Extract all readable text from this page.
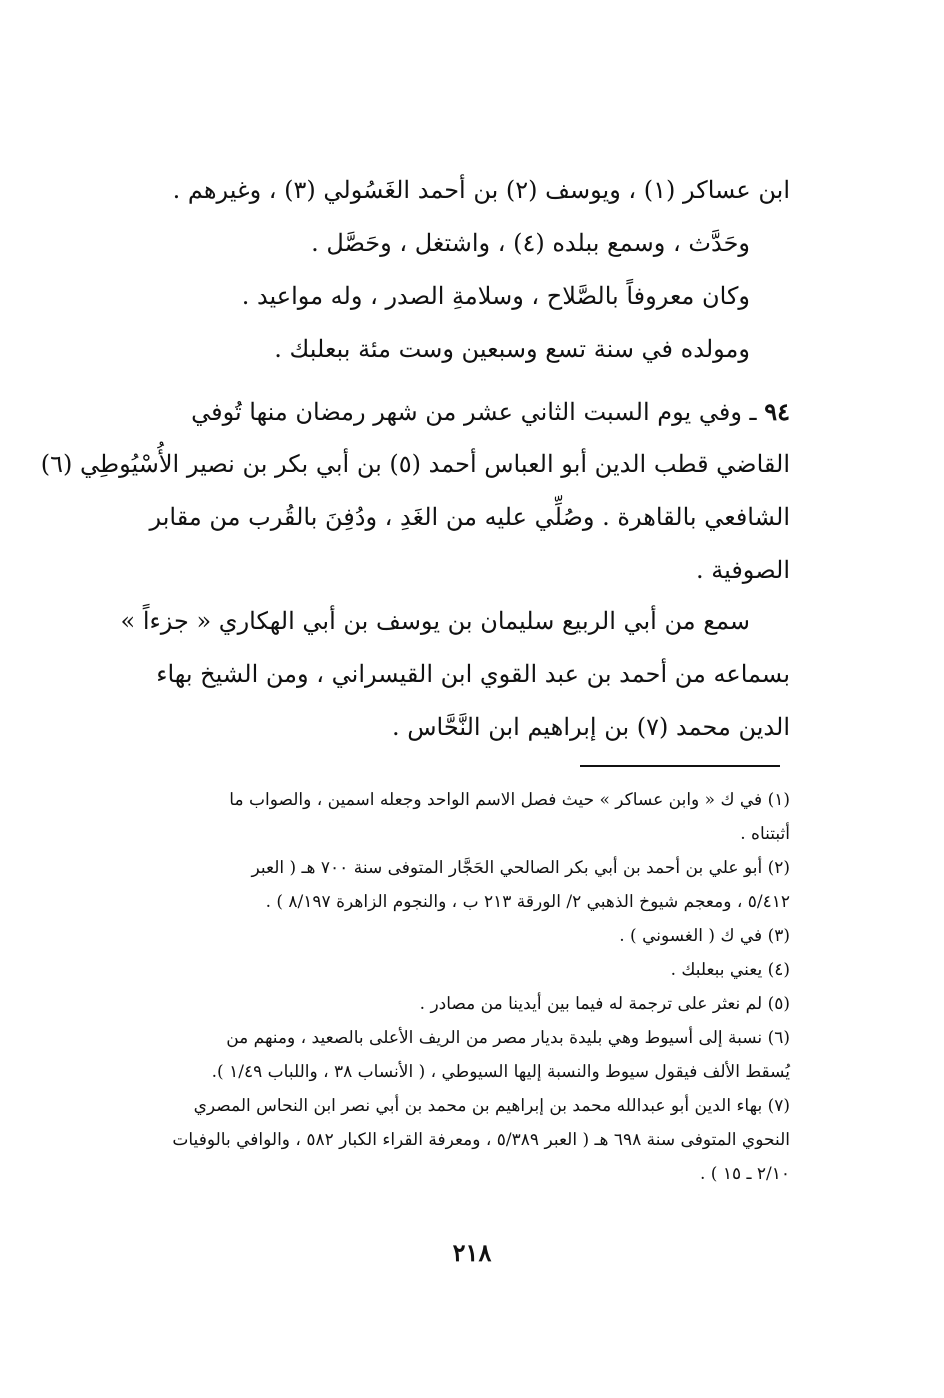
ابن عساكر (١) ، ويوسف (٢) بن أحمد الغَسُولي (٣) ، وغيرهم .
وحَدَّث ، وسمع ببلده (٤) ، واشتغل ، وحَصَّل .
وكان معروفاً بالصَّلاح ، وسلامةِ الصدر ، وله مواعيد .
ومولده في سنة تسع وسبعين وست مئة ببعلبك .
٩٤ ـ وفي يوم السبت الثاني عشر من شهر رمضان منها تُوفي
القاضي قطب الدين أبو العباس أحمد (٥) بن أبي بكر بن نصير الأُسْيُوطِي (٦)
الشافعي بالقاهرة . وصُلِّي عليه من الغَدِ ، ودُفِنَ بالقُرب من مقابر
الصوفية .
سمع من أبي الربيع سليمان بن يوسف بن أبي الهكاري « جزءاً »
بسماعه من أحمد بن عبد القوي ابن القيسراني ، ومن الشيخ بهاء
الدين محمد (٧) بن إبراهيم ابن النَّحَّاس .
(١) في ك « وابن عساكر » حيث فصل الاسم الواحد وجعله اسمين ، والصواب ما
أثبتناه .
(٢) أبو علي بن أحمد بن أبي بكر الصالحي الحَجَّار المتوفى سنة ٧٠٠ هـ ( العبر
٥/٤١٢ ، ومعجم شيوخ الذهبي ٢/ الورقة ٢١٣ ب ، والنجوم الزاهرة ٨/١٩٧ ) .
(٣) في ك ( الغسوني ) .
(٤) يعني ببعلبك .
(٥) لم نعثر على ترجمة له فيما بين أيدينا من مصادر .
(٦) نسبة إلى أسيوط وهي بليدة بديار مصر من الريف الأعلى بالصعيد ، ومنهم من
يُسقط الألف فيقول سيوط والنسبة إليها السيوطي ، ( الأنساب ٣٨ ، واللباب ١/٤٩ ).
(٧) بهاء الدين أبو عبدالله محمد بن إبراهيم بن محمد بن أبي نصر ابن النحاس المصري
النحوي المتوفى سنة ٦٩٨ هـ ( العبر ٥/٣٨٩ ، ومعرفة القراء الكبار ٥٨٢ ، والوافي بالوفيات
٢/١٠ ـ ١٥ ) .
٢١٨
